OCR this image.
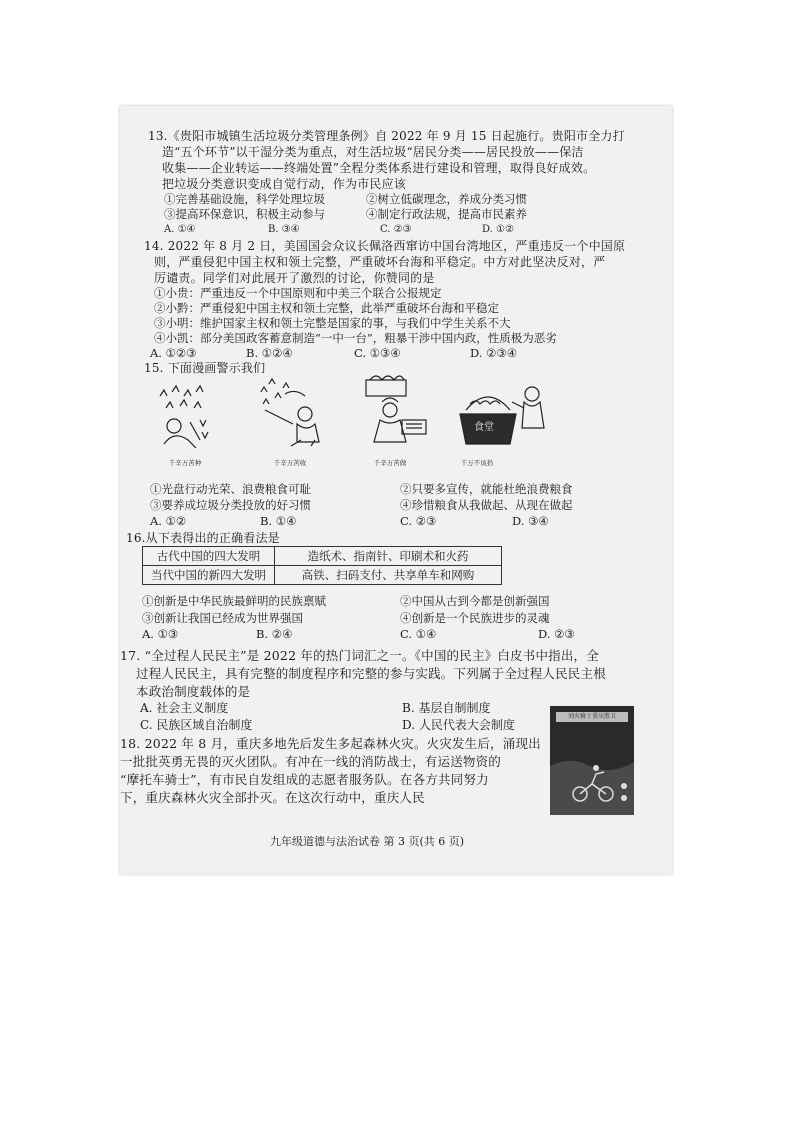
13.《贵阳市城镇生活垃圾分类管理条例》自 2022 年 9 月 15 日起施行。贵阳市全力打
造“五个环节”以干湿分类为重点，对生活垃圾“居民分类——居民投放——保洁
收集——企业转运——终端处置”全程分类体系进行建设和管理，取得良好成效。
把垃圾分类意识变成自觉行动，作为市民应该
①完善基础设施，科学处理垃圾	②树立低碳理念，养成分类习惯
③提高环保意识，积极主动参与	④制定行政法规，提高市民素养
A. ①④	B. ③④	C. ②③	D. ①②
14. 2022 年 8 月 2 日，美国国会众议长佩洛西窜访中国台湾地区，严重违反一个中国原
则，严重侵犯中国主权和领土完整，严重破坏台海和平稳定。中方对此坚决反对，严
厉谴责。同学们对此展开了激烈的讨论，你赞同的是
①小贵：严重违反一个中国原则和中美三个联合公报规定
②小黔：严重侵犯中国主权和领土完整，此举严重破坏台海和平稳定
③小明：维护国家主权和领土完整是国家的事，与我们中学生关系不大
④小凯：部分美国政客蓄意制造“一中一台”，粗暴干涉中国内政，性质极为恶劣
A. ①②③	B. ①②④	C. ①③④	D. ②③④
15. 下面漫画警示我们
食堂
千辛万苦种	千辛万苦收	千辛万苦做	千万不该扔
①光盘行动光荣、浪费粮食可耻	②只要多宣传，就能杜绝浪费粮食
③要养成垃圾分类投放的好习惯	④珍惜粮食从我做起、从现在做起
A. ①②	B. ①④	C. ②③	D. ③④
16.从下表得出的正确看法是
古代中国的四大发明	造纸术、指南针、印刷术和火药
当代中国的新四大发明	高铁、扫码支付、共享单车和网购
①创新是中华民族最鲜明的民族禀赋	②中国从古到今都是创新强国
③创新让我国已经成为世界强国	④创新是一个民族进步的灵魂
A. ①③	B. ②④	C. ①④	D. ②③
17. “全过程人民民主”是 2022 年的热门词汇之一。《中国的民主》白皮书中指出，全
过程人民民主，具有完整的制度程序和完整的参与实践。下列属于全过程人民民主根
本政治制度载体的是
A. 社会主义制度	B. 基层自制制度
C. 民族区域自治制度	D. 人民代表大会制度
18. 2022 年 8 月，重庆多地先后发生多起森林火灾。火灾发生后，涌现出
一批批英勇无畏的灭火团队。有冲在一线的消防战士，有运送物资的
“摩托车骑士”，有市民自发组成的志愿者服务队。在各方共同努力
下，重庆森林火灾全部扑灭。在这次行动中，重庆人民
刘火骑士重庆胜卫
九年级道德与法治试卷 第 3 页(共 6 页)
